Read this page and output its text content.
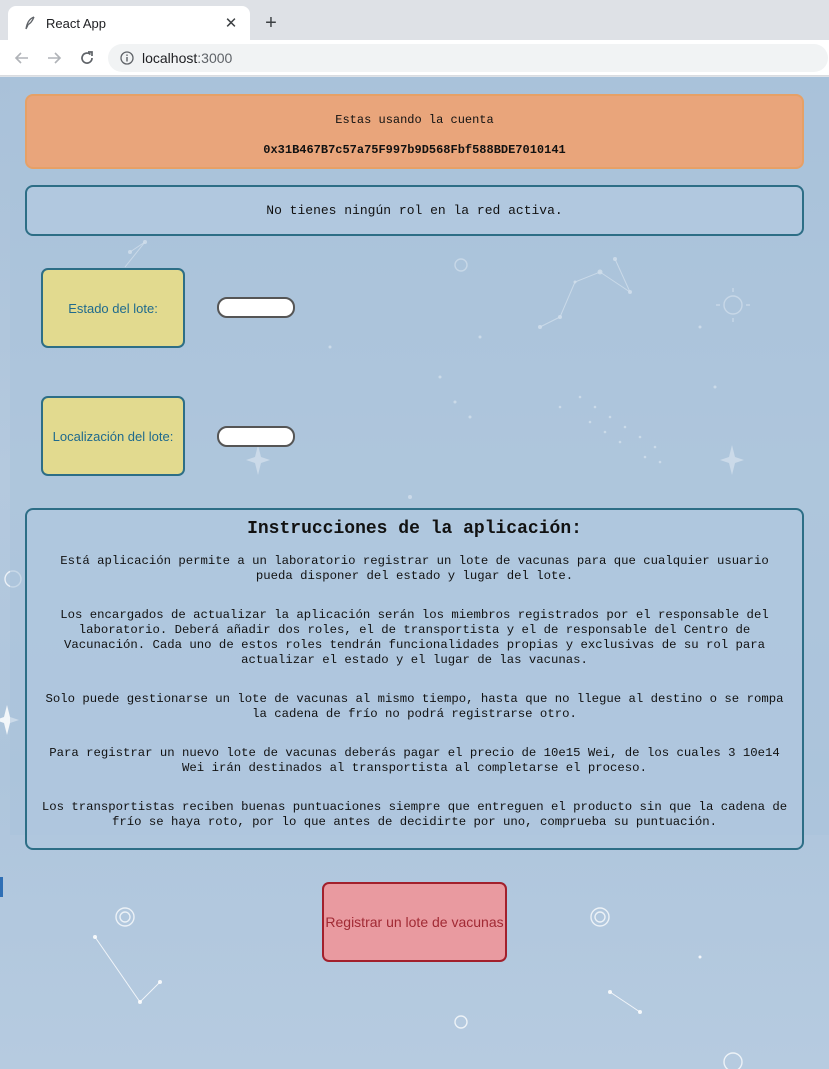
React App	✕	+
localhost :3000
Estas usando la cuenta
0x31B467B7c57a75F997b9D568Fbf588BDE7010141
No tienes ningún rol en la red activa.
Estado del lote:
Localización del lote:
Instrucciones de la aplicación:

Está aplicación permite a un laboratorio registrar un lote de vacunas para que cualquier usuario pueda disponer del estado y lugar del lote.

Los encargados de actualizar la aplicación serán los miembros registrados por el responsable del laboratorio. Deberá añadir dos roles, el de transportista y el de responsable del Centro de Vacunación. Cada uno de estos roles tendrán funcionalidades propias y exclusivas de su rol para actualizar el estado y el lugar de las vacunas.

Solo puede gestionarse un lote de vacunas al mismo tiempo, hasta que no llegue al destino o se rompa la cadena de frío no podrá registrarse otro.

Para registrar un nuevo lote de vacunas deberás pagar el precio de 10e15 Wei, de los cuales 3 10e14 Wei irán destinados al transportista al completarse el proceso.

Los transportistas reciben buenas puntuaciones siempre que entreguen el producto sin que la cadena de frío se haya roto, por lo que antes de decidirte por uno, comprueba su puntuación.

Registrar un lote de vacunas
